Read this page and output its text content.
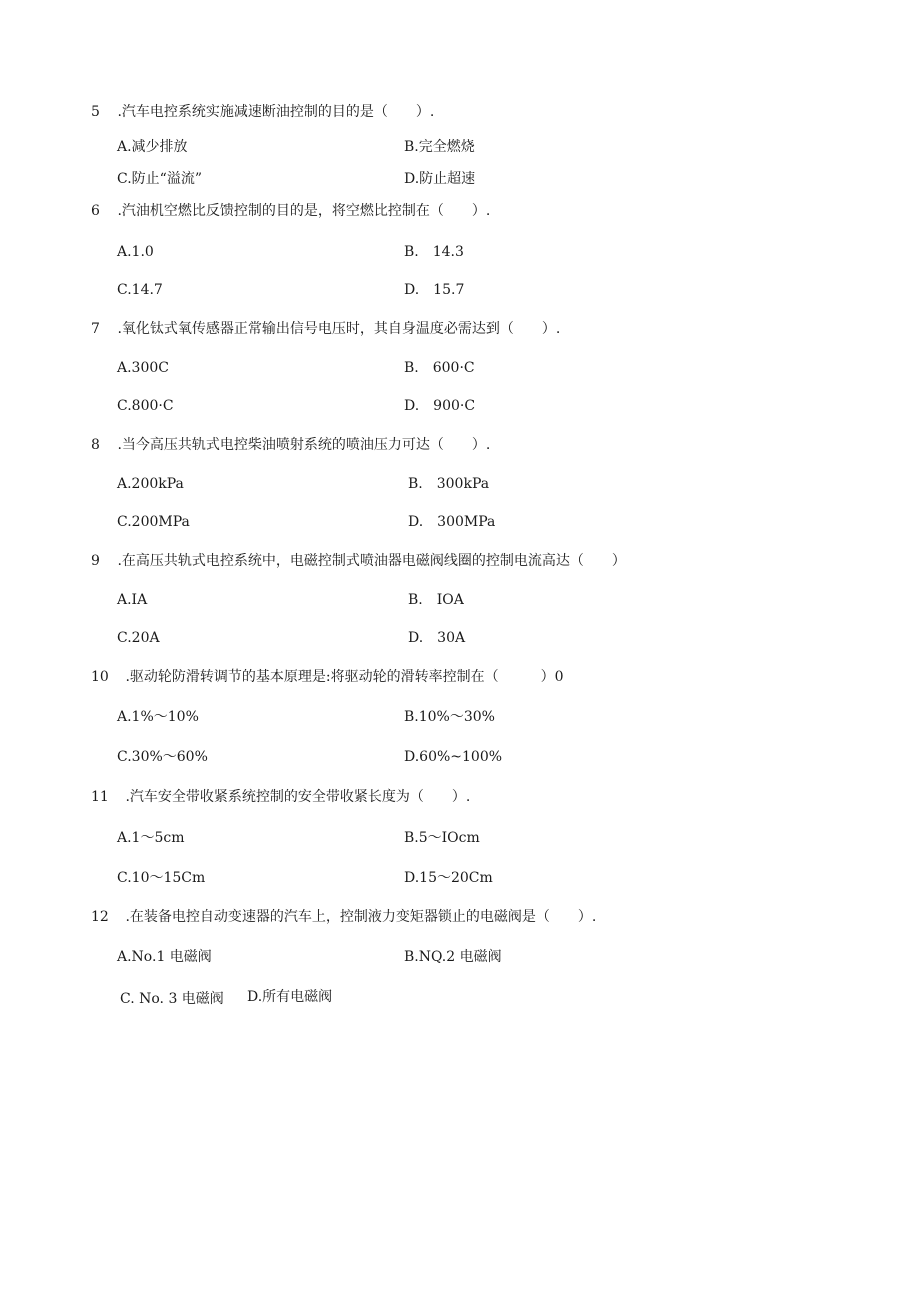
5 .汽车电控系统实施减速断油控制的目的是（　　）.
A.减少排放	B.完全燃烧
C.防止“溢流”	D.防止超速
6 .汽油机空燃比反馈控制的目的是，将空燃比控制在（　　）.
A.1.0	B.　14.3
C.14.7	D.　15.7
7 .氧化钛式氧传感器正常输出信号电压时，其自身温度必需达到（　　）.
A.300C	B.　600·C
C.800·C	D.　900·C
8 .当今高压共轨式电控柴油喷射系统的喷油压力可达（　　）.
A.200kPa	B.　300kPa
C.200MPa	D.　300MPa
9 .在高压共轨式电控系统中，电磁控制式喷油器电磁阀线圈的控制电流高达（　　）
A.IA	B.　IOA
C.20A	D.　30A
10 .驱动轮防滑转调节的基本原理是:将驱动轮的滑转率控制在（　　　）0
A.1%～10%	B.10%～30%
C.30%～60%	D.60%~100%
11 .汽车安全带收紧系统控制的安全带收紧长度为（　　）.
A.1～5cm	B.5～IOcm
C.10～15Cm	D.15～20Cm
12 .在装备电控自动变速器的汽车上，控制液力变矩器锁止的电磁阀是（　　）.
A.No.1 电磁阀	B.NQ.2 电磁阀
C. No. 3 电磁阀 D.所有电磁阀
